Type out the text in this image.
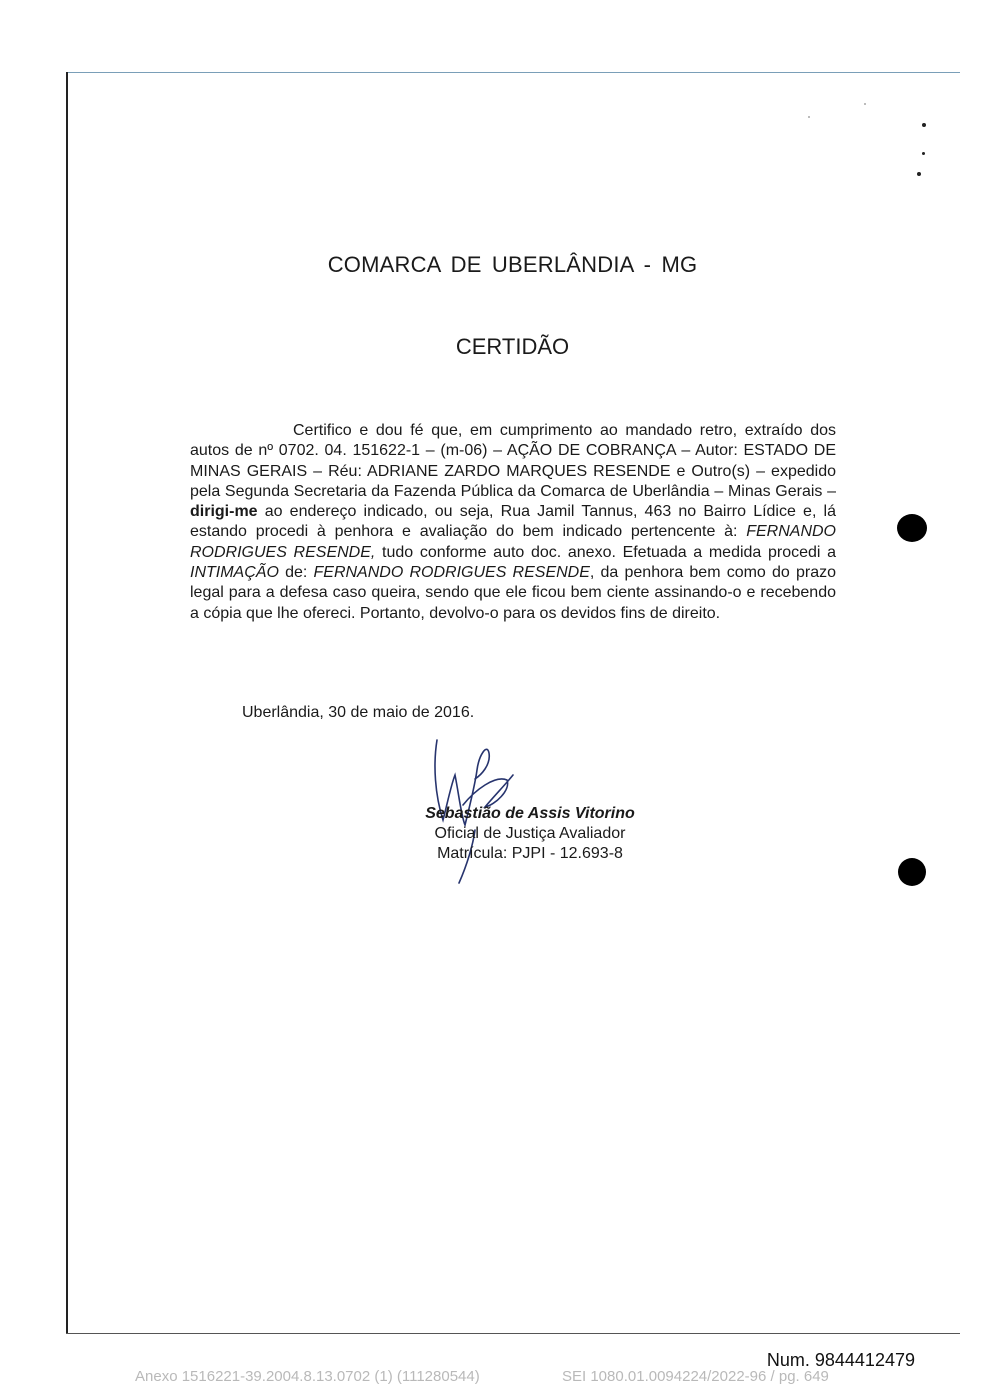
COMARCA DE UBERLÂNDIA - MG
CERTIDÃO
Certifico e dou fé que, em cumprimento ao mandado retro, extraído dos autos de nº 0702. 04. 151622-1 – (m-06) – AÇÃO DE COBRANÇA – Autor: ESTADO DE MINAS GERAIS – Réu: ADRIANE ZARDO MARQUES RESENDE e Outro(s) – expedido pela Segunda Secretaria da Fazenda Pública da Comarca de Uberlândia – Minas Gerais – dirigi-me ao endereço indicado, ou seja, Rua Jamil Tannus, 463 no Bairro Lídice e, lá estando procedi à penhora e avaliação do bem indicado pertencente à: FERNANDO RODRIGUES RESENDE, tudo conforme auto doc. anexo. Efetuada a medida procedi a INTIMAÇÃO de: FERNANDO RODRIGUES RESENDE, da penhora bem como do prazo legal para a defesa caso queira, sendo que ele ficou bem ciente assinando-o e recebendo a cópia que lhe ofereci. Portanto, devolvo-o para os devidos fins de direito.
Uberlândia, 30 de maio de 2016.
Sebastião de Assis Vitorino
Oficial de Justiça Avaliador
Matrícula: PJPI - 12.693-8
Num. 9844412479
Anexo 1516221-39.2004.8.13.0702 (1) (111280544)	SEI 1080.01.0094224/2022-96 / pg. 649
